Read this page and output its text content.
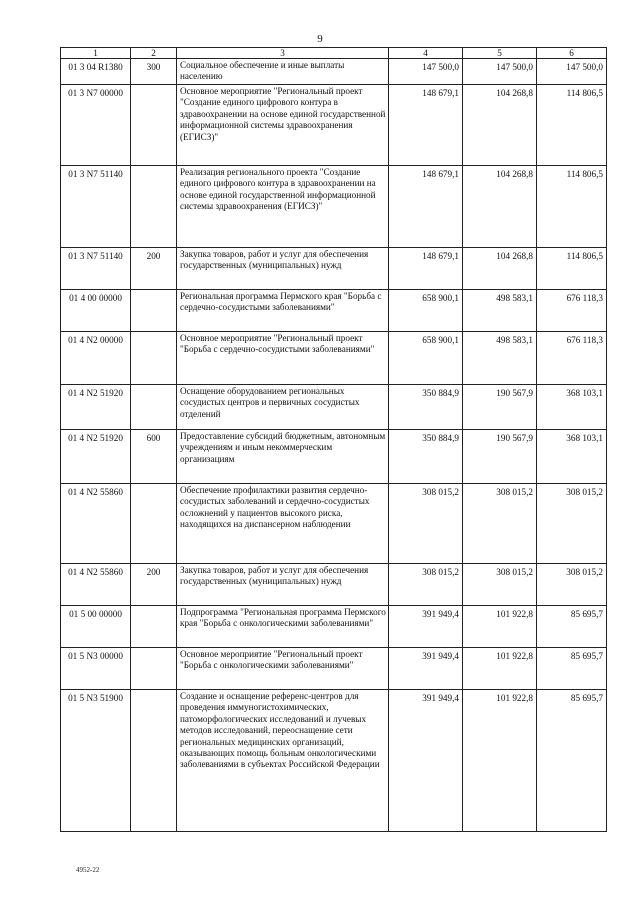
9
1	2	3	4	5	6
01 3 04 R1380	300	Социальное обеспечение и иные выплаты населению	147 500,0	147 500,0	147 500,0
01 3 N7 00000		Основное мероприятие "Региональный проект "Создание единого цифрового контура в здравоохранении на основе единой государственной информационной системы здравоохранения (ЕГИСЗ)"	148 679,1	104 268,8	114 806,5
01 3 N7 51140		Реализация регионального проекта "Создание единого цифрового контура в здравоохранении на основе единой государственной информационной системы здравоохранения (ЕГИСЗ)"	148 679,1	104 268,8	114 806,5
01 3 N7 51140	200	Закупка товаров, работ и услуг для обеспечения государственных (муниципальных) нужд	148 679,1	104 268,8	114 806,5
01 4 00 00000		Региональная программа Пермского края "Борьба с сердечно-сосудистыми заболеваниями"	658 900,1	498 583,1	676 118,3
01 4 N2 00000		Основное мероприятие "Региональный проект "Борьба с сердечно-сосудистыми заболеваниями"	658 900,1	498 583,1	676 118,3
01 4 N2 51920		Оснащение оборудованием региональных сосудистых центров и первичных сосудистых отделений	350 884,9	190 567,9	368 103,1
01 4 N2 51920	600	Предоставление субсидий бюджетным, автономным учреждениям и иным некоммерческим организациям	350 884,9	190 567,9	368 103,1
01 4 N2 55860		Обеспечение профилактики развития сердечно-сосудистых заболеваний и сердечно-сосудистых осложнений у пациентов высокого риска, находящихся на диспансерном наблюдении	308 015,2	308 015,2	308 015,2
01 4 N2 55860	200	Закупка товаров, работ и услуг для обеспечения государственных (муниципальных) нужд	308 015,2	308 015,2	308 015,2
01 5 00 00000		Подпрограмма "Региональная программа Пермского края "Борьба с онкологическими заболеваниями"	391 949,4	101 922,8	85 695,7
01 5 N3 00000		Основное мероприятие "Региональный проект "Борьба с онкологическими заболеваниями"	391 949,4	101 922,8	85 695,7
01 5 N3 51900		Создание и оснащение референс-центров для проведения иммуногистохимических, патоморфологических исследований и лучевых методов исследований, переоснащение сети региональных медицинских организаций, оказывающих помощь больным онкологическими заболеваниями в субъектах Российской Федерации	391 949,4	101 922,8	85 695,7
4952-22
